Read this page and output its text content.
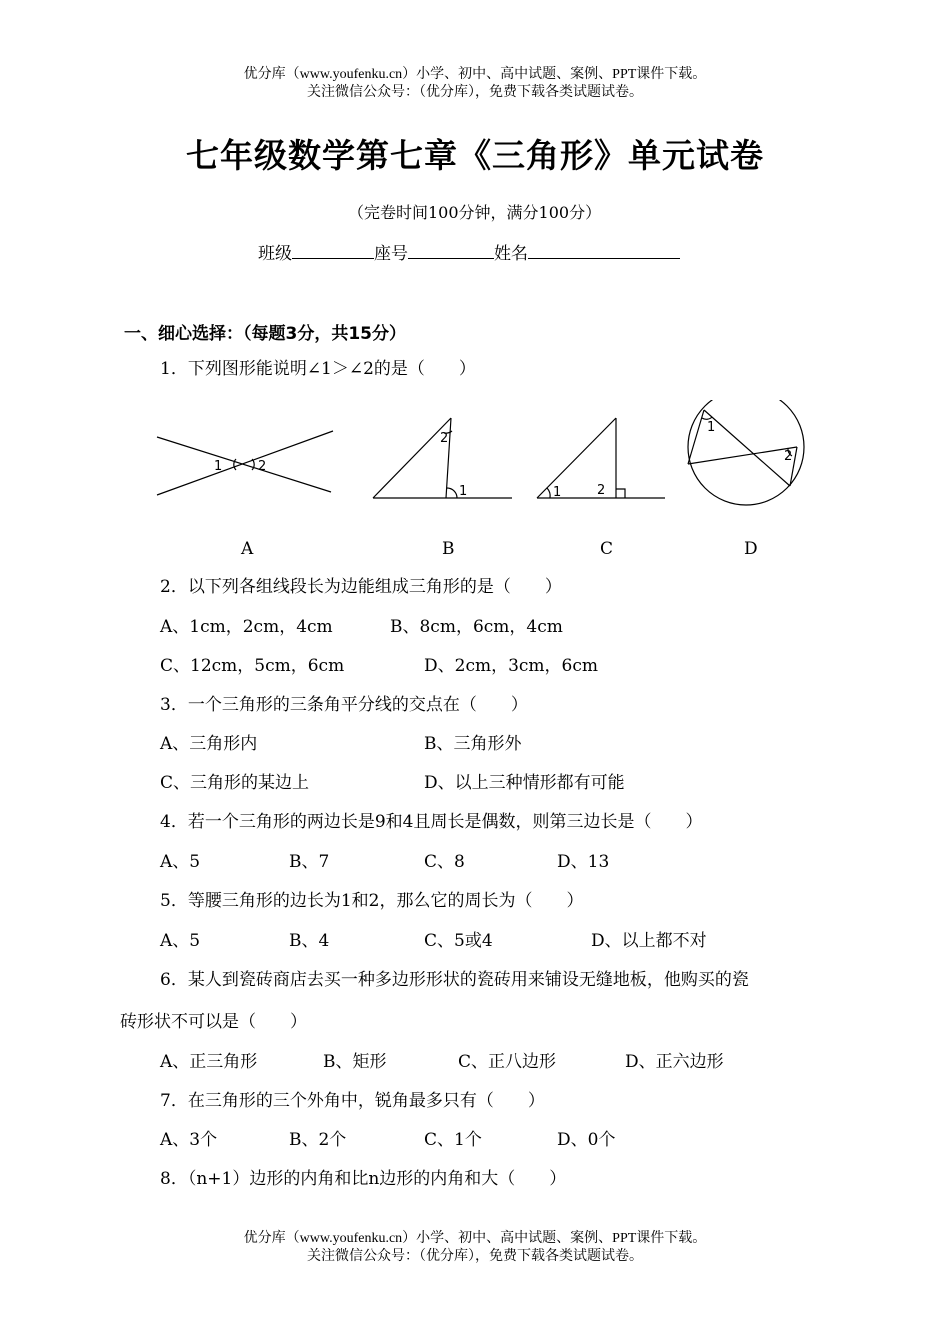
优分库（www.youfenku.cn）小学、初中、高中试题、案例、PPT课件下载。
关注微信公众号：（优分库），免费下载各类试题试卷。
七年级数学第七章《三角形》单元试卷
（完卷时间100分钟，满分100分）
班级	座号	姓名
一、细心选择：（每题3分，共15分）
1．下列图形能说明∠1＞∠2的是（　　）
1	2
2
1	1	2
1
2
A	B	C	D
2．以下列各组线段长为边能组成三角形的是（　　）
A、1cm，2cm，4cm	B、8cm，6cm，4cm
C、12cm，5cm，6cm	D、2cm，3cm，6cm
3．一个三角形的三条角平分线的交点在（　　）
A、三角形内	B、三角形外
C、三角形的某边上	D、以上三种情形都有可能
4．若一个三角形的两边长是9和4且周长是偶数，则第三边长是（　　）
A、5	B、7	C、8	D、13
5．等腰三角形的边长为1和2，那么它的周长为（　　）
A、5	B、4	C、5或4	D、以上都不对
6．某人到瓷砖商店去买一种多边形形状的瓷砖用来铺设无缝地板，他购买的瓷
砖形状不可以是（　　）
A、正三角形	B、矩形	C、正八边形	D、正六边形
7．在三角形的三个外角中，锐角最多只有（　　）
A、3个	B、2个	C、1个	D、0个
8．（n+1）边形的内角和比n边形的内角和大（　　）
优分库（www.youfenku.cn）小学、初中、高中试题、案例、PPT课件下载。
关注微信公众号：（优分库），免费下载各类试题试卷。
